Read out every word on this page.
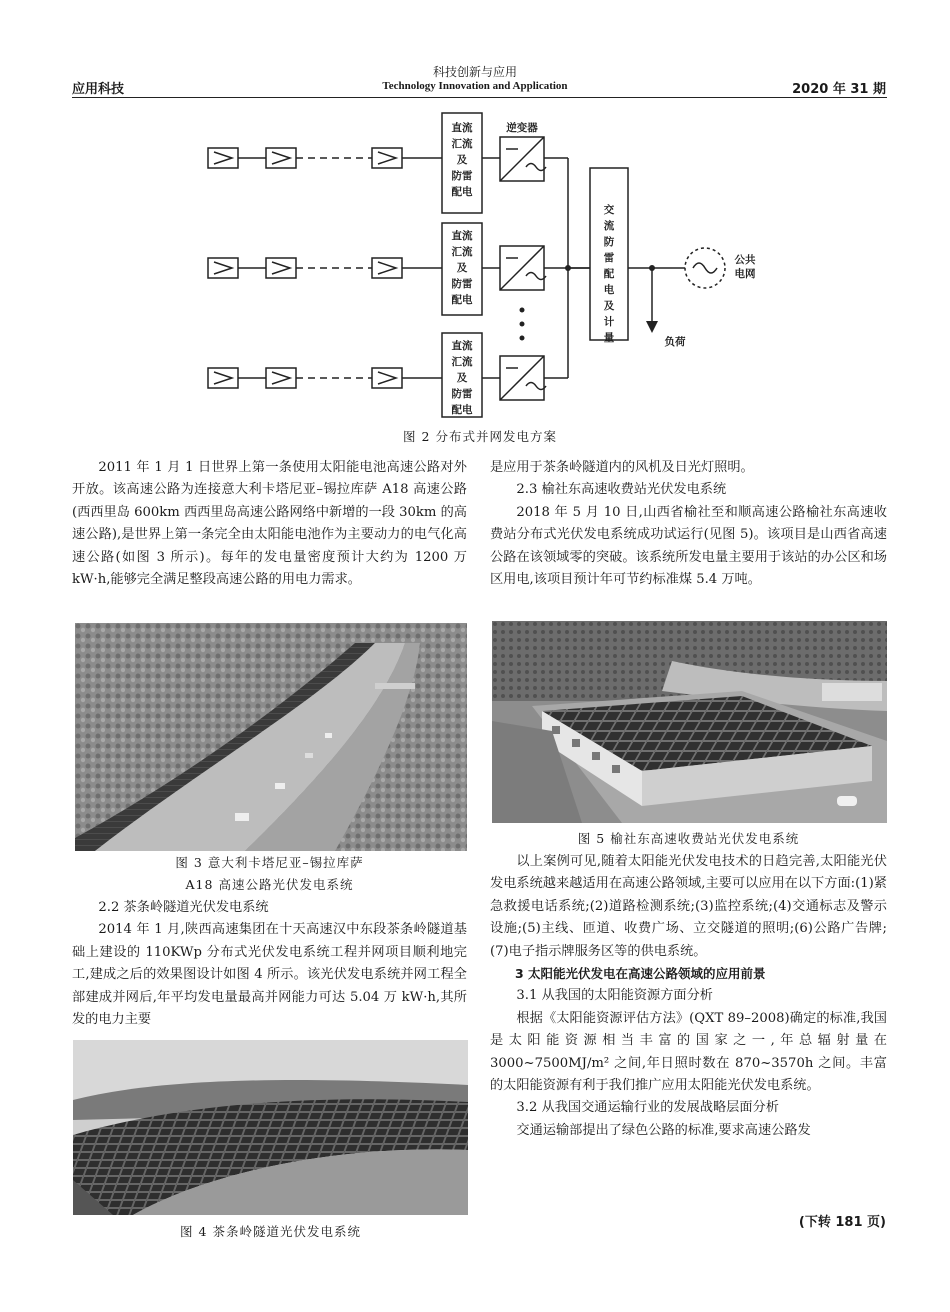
应用科技
科技创新与应用
Technology Innovation and Application	2020 年 31 期
直流汇流及防雷配电
直流汇流及防雷配电
直流汇流及防雷配电
逆变器
交流防雷配电及计量
公共电网
负荷
图 2 分布式并网发电方案

2011 年 1 月 1 日世界上第一条使用太阳能电池高速公路对外开放。该高速公路为连接意大利卡塔尼亚–锡拉库萨 A18 高速公路(西西里岛 600km 西西里岛高速公路网络中新增的一段 30km 的高速公路),是世界上第一条完全由太阳能电池作为主要动力的电气化高速公路(如图 3 所示)。每年的发电量密度预计大约为 1200 万 kW·h,能够完全满足整段高速公路的用电力需求。

图 3 意大利卡塔尼亚–锡拉库萨
A18 高速公路光伏发电系统

2.2 茶条岭隧道光伏发电系统

2014 年 1 月,陕西高速集团在十天高速汉中东段茶条岭隧道基础上建设的 110KWp 分布式光伏发电系统工程并网项目顺利地完工,建成之后的效果图设计如图 4 所示。该光伏发电系统并网工程全部建成并网后,年平均发电量最高并网能力可达 5.04 万 kW·h,其所发的电力主要

图 4 茶条岭隧道光伏发电系统

是应用于茶条岭隧道内的风机及日光灯照明。

2.3 榆社东高速收费站光伏发电系统

2018 年 5 月 10 日,山西省榆社至和顺高速公路榆社东高速收费站分布式光伏发电系统成功试运行(见图 5)。该项目是山西省高速公路在该领域零的突破。该系统所发电量主要用于该站的办公区和场区用电,该项目预计年可节约标准煤 5.4 万吨。

图 5 榆社东高速收费站光伏发电系统

以上案例可见,随着太阳能光伏发电技术的日趋完善,太阳能光伏发电系统越来越适用在高速公路领域,主要可以应用在以下方面:(1)紧急救援电话系统;(2)道路检测系统;(3)监控系统;(4)交通标志及警示设施;(5)主线、匝道、收费广场、立交隧道的照明;(6)公路广告牌;(7)电子指示牌服务区等的供电系统。

3 太阳能光伏发电在高速公路领域的应用前景

3.1 从我国的太阳能资源方面分析

根据《太阳能资源评估方法》(QXT 89–2008)确定的标准,我国是太阳能资源相当丰富的国家之一,年总辐射量在 3000~7500MJ/m² 之间,年日照时数在 870~3570h 之间。丰富的太阳能资源有利于我们推广应用太阳能光伏发电系统。

3.2 从我国交通运输行业的发展战略层面分析

交通运输部提出了绿色公路的标准,要求高速公路发

(下转 181 页)
